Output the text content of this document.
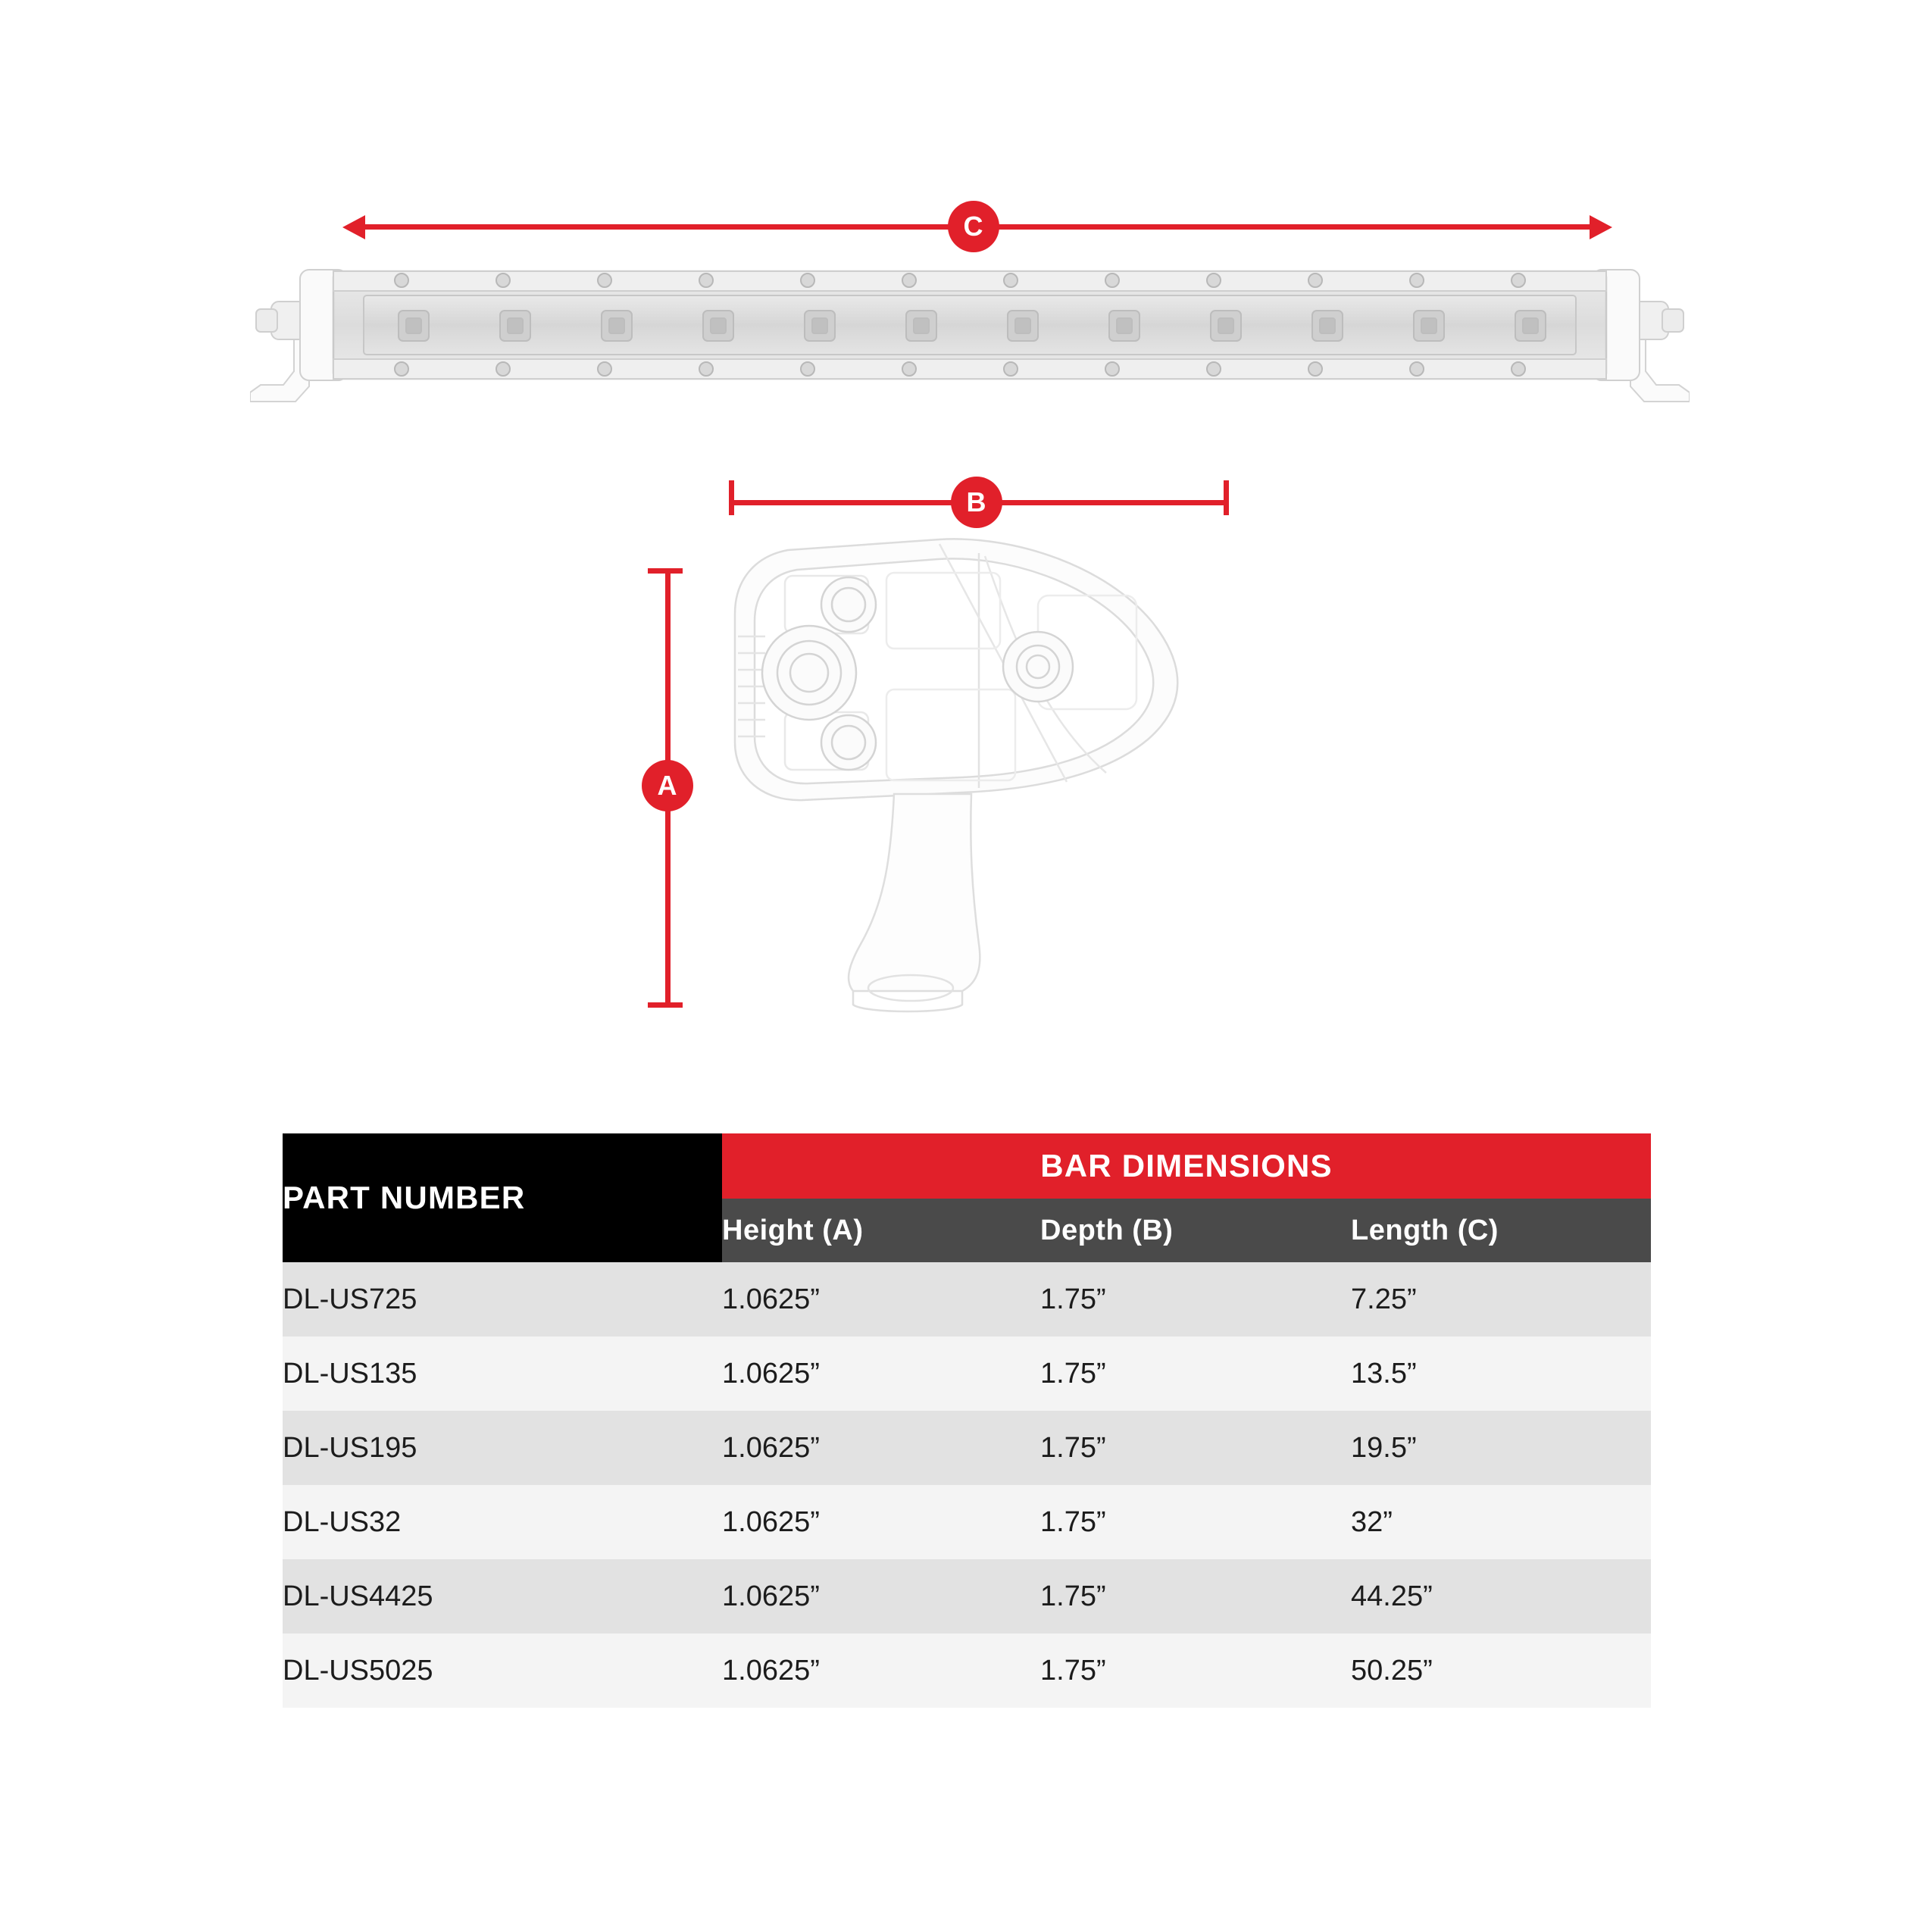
C
B
A
PART NUMBER	BAR DIMENSIONS		
	Height (A)	Depth (B)	Length (C)
DL-US725	1.0625”	1.75”	7.25”
DL-US135	1.0625”	1.75”	13.5”
DL-US195	1.0625”	1.75”	19.5”
DL-US32	1.0625”	1.75”	32”
DL-US4425	1.0625”	1.75”	44.25”
DL-US5025	1.0625”	1.75”	50.25”
